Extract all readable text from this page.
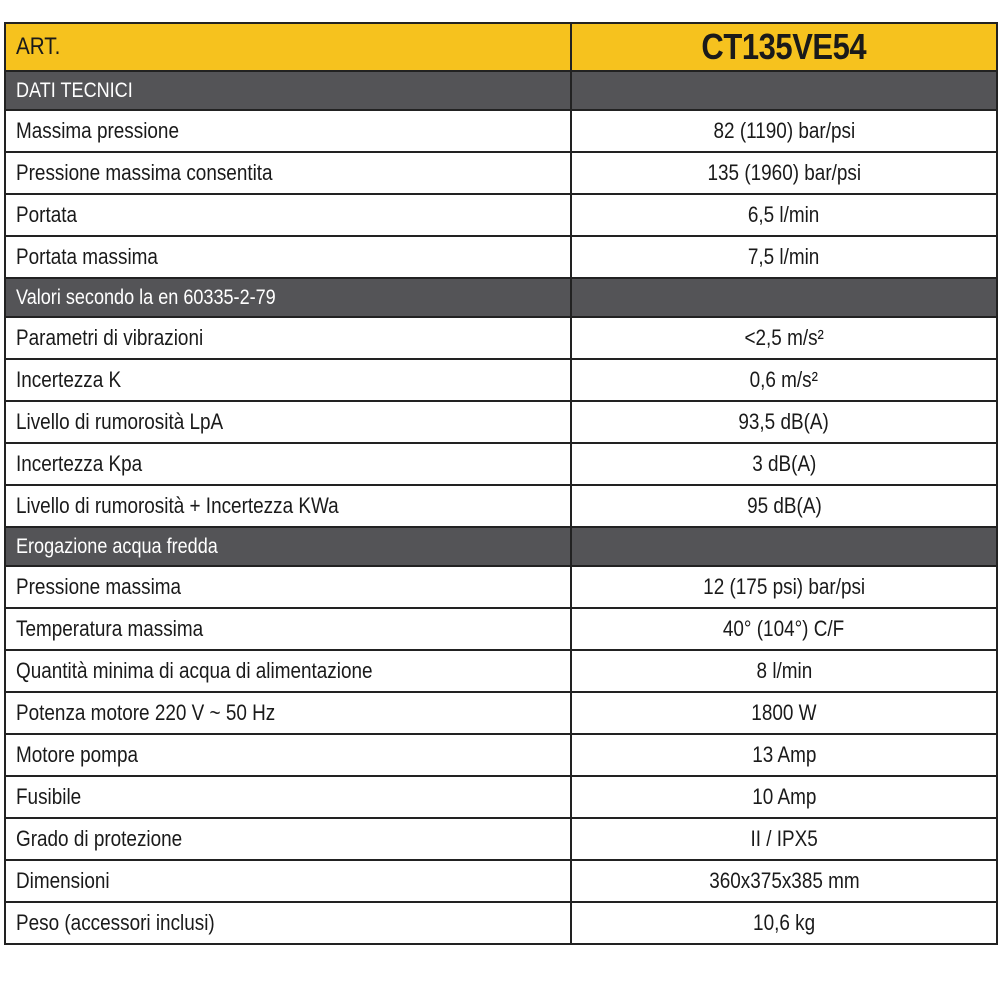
ART.	CT135VE54
DATI TECNICI	
Massima pressione	82 (1190) bar/psi
Pressione massima consentita	135 (1960) bar/psi
Portata	6,5 l/min
Portata massima	7,5 l/min
Valori secondo la en 60335-2-79	
Parametri di vibrazioni	<2,5 m/s²
Incertezza K	0,6 m/s²
Livello di rumorosità LpA	93,5 dB(A)
Incertezza Kpa	3 dB(A)
Livello di rumorosità + Incertezza KWa	95 dB(A)
Erogazione acqua fredda	
Pressione massima	12 (175 psi) bar/psi
Temperatura massima	40° (104°) C/F
Quantità minima di acqua di alimentazione	8 l/min
Potenza motore 220 V ~ 50 Hz	1800 W
Motore pompa	13 Amp
Fusibile	10 Amp
Grado di protezione	II / IPX5
Dimensioni	360x375x385 mm
Peso (accessori inclusi)	10,6 kg
